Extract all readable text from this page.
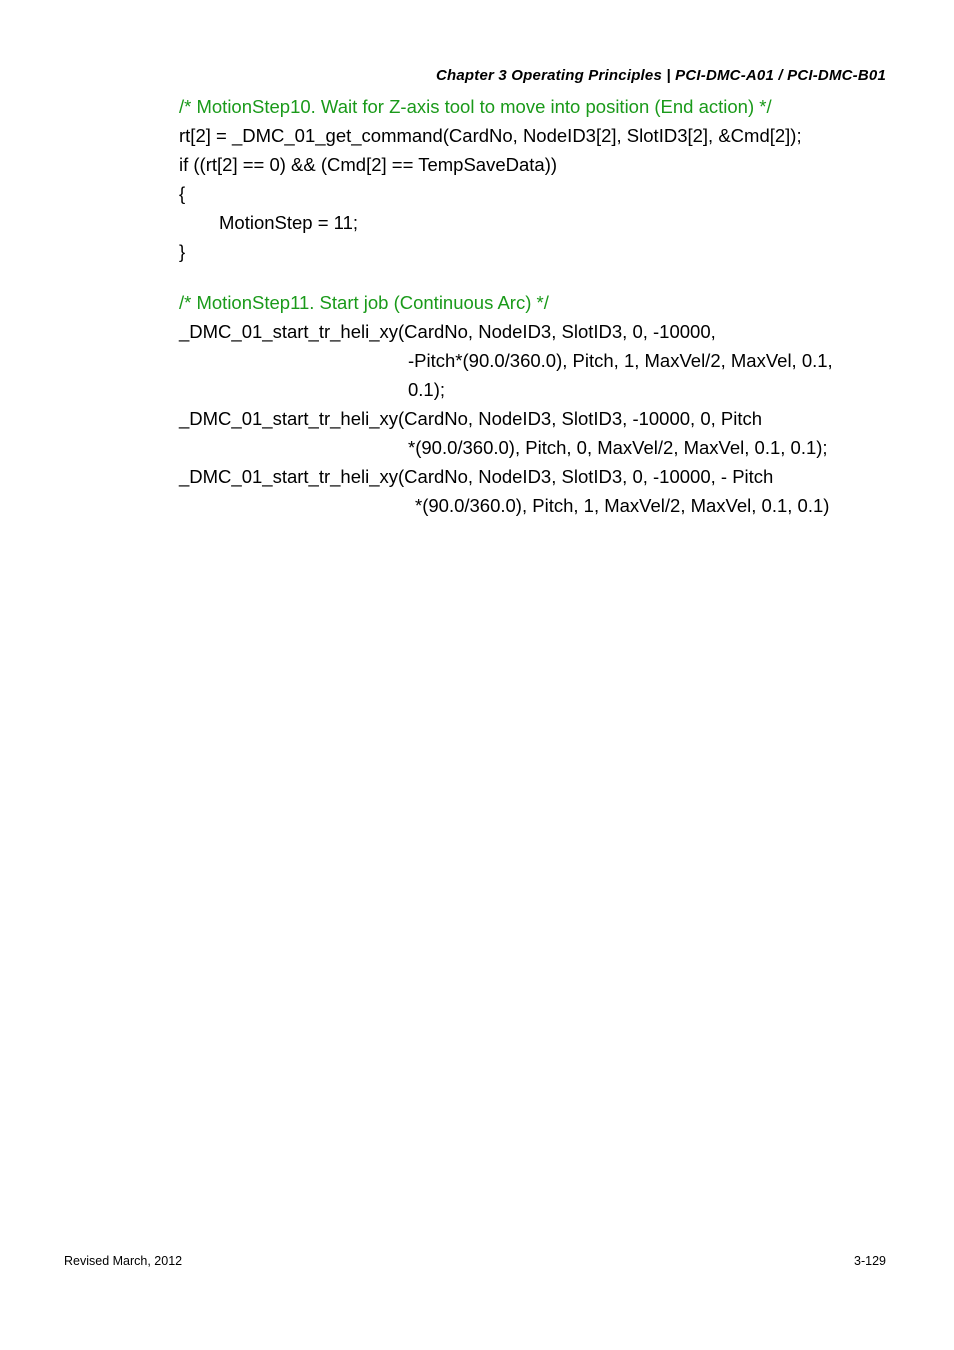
Chapter 3 Operating Principles | PCI-DMC-A01 / PCI-DMC-B01
/* MotionStep10. Wait for Z-axis tool to move into position (End action) */
rt[2] = _DMC_01_get_command(CardNo, NodeID3[2], SlotID3[2], &Cmd[2]);
if ((rt[2] == 0) && (Cmd[2] == TempSaveData))
{
MotionStep = 11;
}
/* MotionStep11. Start job (Continuous Arc) */
_DMC_01_start_tr_heli_xy(CardNo, NodeID3, SlotID3, 0, -10000,
-Pitch*(90.0/360.0), Pitch, 1, MaxVel/2, MaxVel, 0.1,
0.1);
_DMC_01_start_tr_heli_xy(CardNo, NodeID3, SlotID3, -10000, 0, Pitch
*(90.0/360.0), Pitch, 0, MaxVel/2, MaxVel, 0.1, 0.1);
_DMC_01_start_tr_heli_xy(CardNo, NodeID3, SlotID3, 0, -10000, - Pitch
*(90.0/360.0), Pitch, 1, MaxVel/2, MaxVel, 0.1, 0.1)
Revised March, 2012	3-129
